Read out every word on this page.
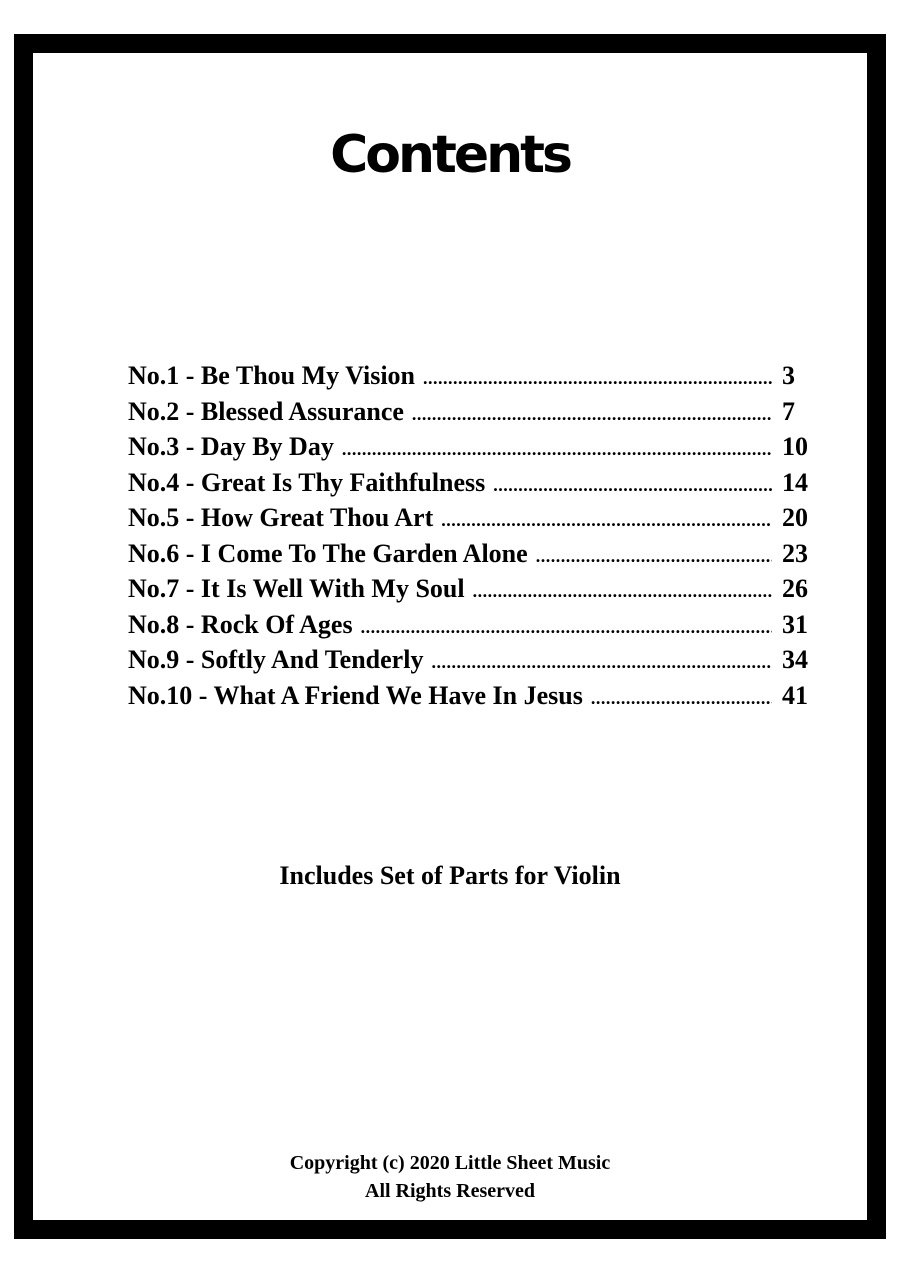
Contents
No.1 - Be Thou My Vision .....	3
No.2 - Blessed Assurance .....	7
No.3 - Day By Day .....	10
No.4 - Great Is Thy Faithfulness .....	14
No.5 - How Great Thou Art .....	20
No.6 - I Come To The Garden Alone .....	23
No.7 - It Is Well With My Soul .....	26
No.8 - Rock Of Ages .....	31
No.9 - Softly And Tenderly .....	34
No.10 - What A Friend We Have In Jesus .....	41
Includes Set of Parts for Violin
Copyright (c) 2020 Little Sheet Music
All Rights Reserved
